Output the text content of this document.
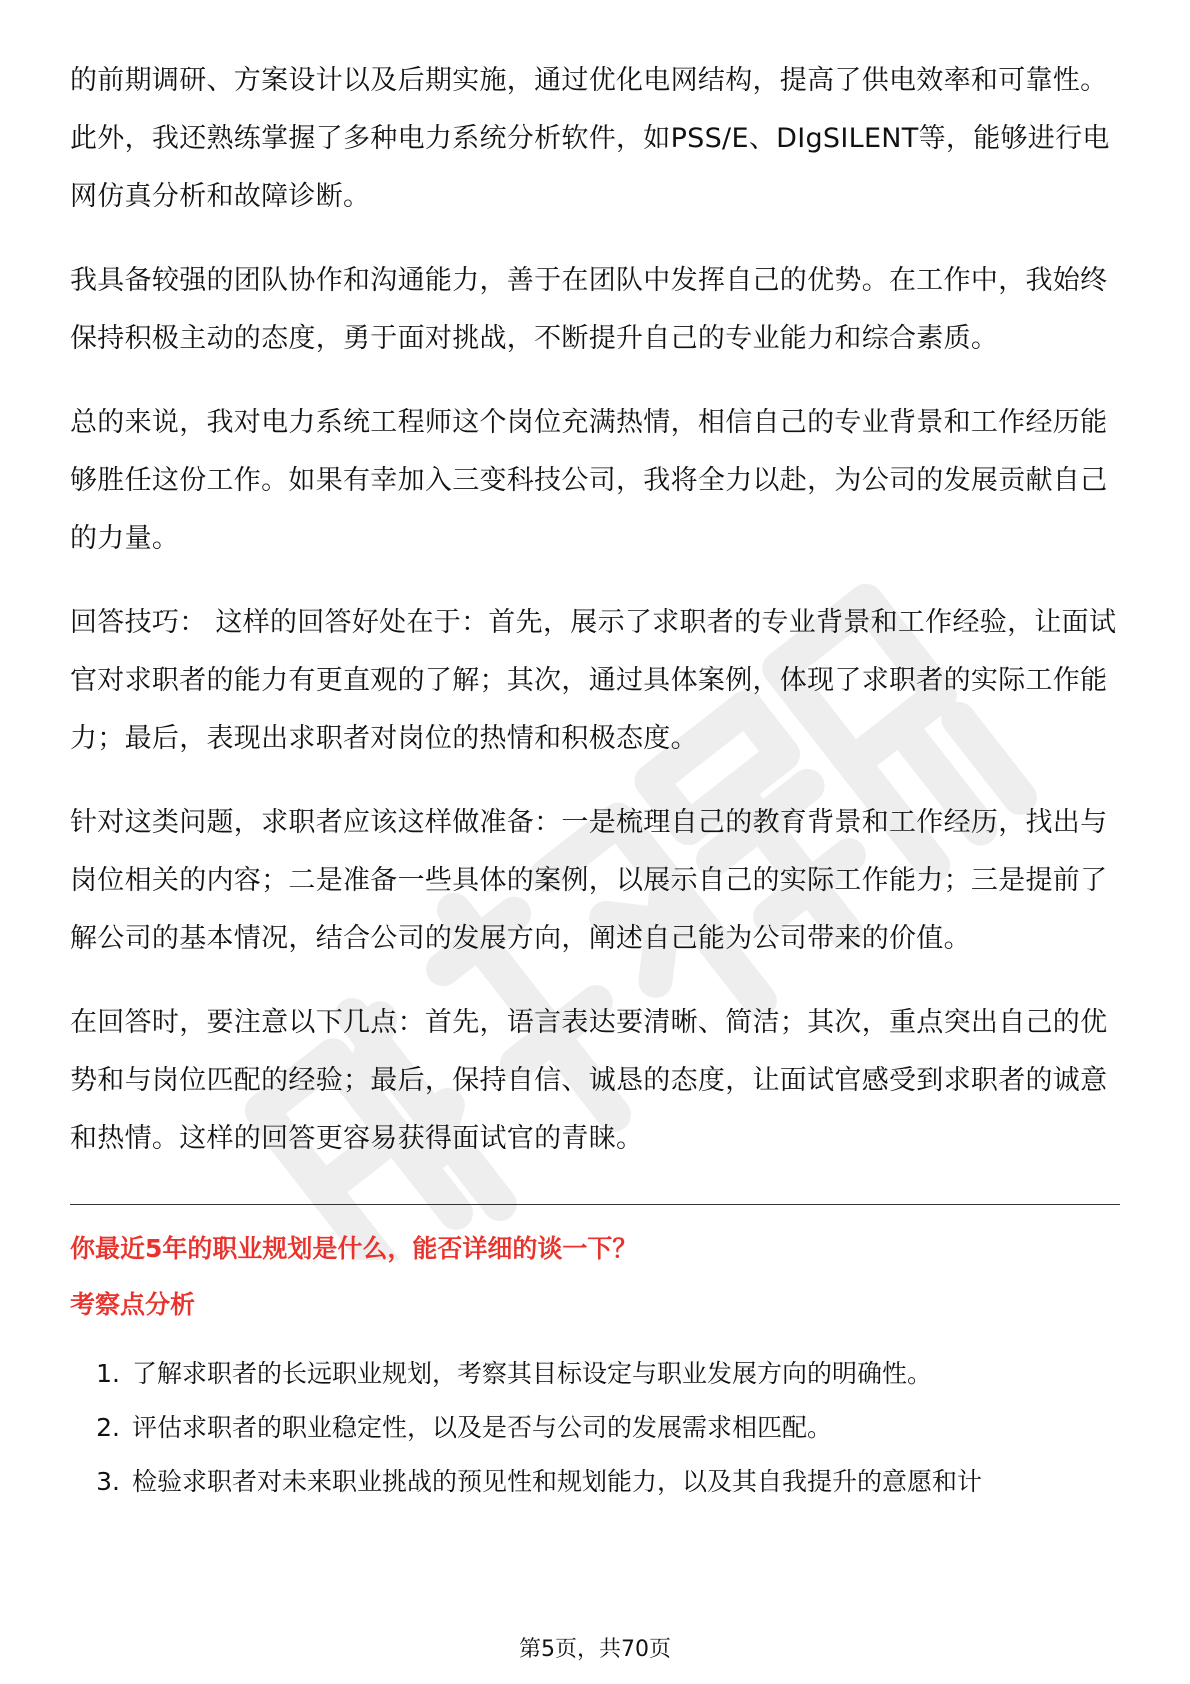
的前期调研、方案设计以及后期实施，通过优化电网结构，提高了供电效率和可靠性。此外，我还熟练掌握了多种电力系统分析软件，如PSS/E、DIgSILENT等，能够进行电网仿真分析和故障诊断。

我具备较强的团队协作和沟通能力，善于在团队中发挥自己的优势。在工作中，我始终保持积极主动的态度，勇于面对挑战，不断提升自己的专业能力和综合素质。

总的来说，我对电力系统工程师这个岗位充满热情，相信自己的专业背景和工作经历能够胜任这份工作。如果有幸加入三变科技公司，我将全力以赴，为公司的发展贡献自己的力量。

回答技巧： 这样的回答好处在于：首先，展示了求职者的专业背景和工作经验，让面试官对求职者的能力有更直观的了解；其次，通过具体案例，体现了求职者的实际工作能力；最后，表现出求职者对岗位的热情和积极态度。

针对这类问题，求职者应该这样做准备：一是梳理自己的教育背景和工作经历，找出与岗位相关的内容；二是准备一些具体的案例，以展示自己的实际工作能力；三是提前了解公司的基本情况，结合公司的发展方向，阐述自己能为公司带来的价值。

在回答时，要注意以下几点：首先，语言表达要清晰、简洁；其次，重点突出自己的优势和与岗位匹配的经验；最后，保持自信、诚恳的态度，让面试官感受到求职者的诚意和热情。这样的回答更容易获得面试官的青睐。

你最近5年的职业规划是什么，能否详细的谈一下？

考察点分析

1. 了解求职者的长远职业规划，考察其目标设定与职业发展方向的明确性。
2. 评估求职者的职业稳定性，以及是否与公司的发展需求相匹配。
3. 检验求职者对未来职业挑战的预见性和规划能力，以及其自我提升的意愿和计
第5页，共70页
